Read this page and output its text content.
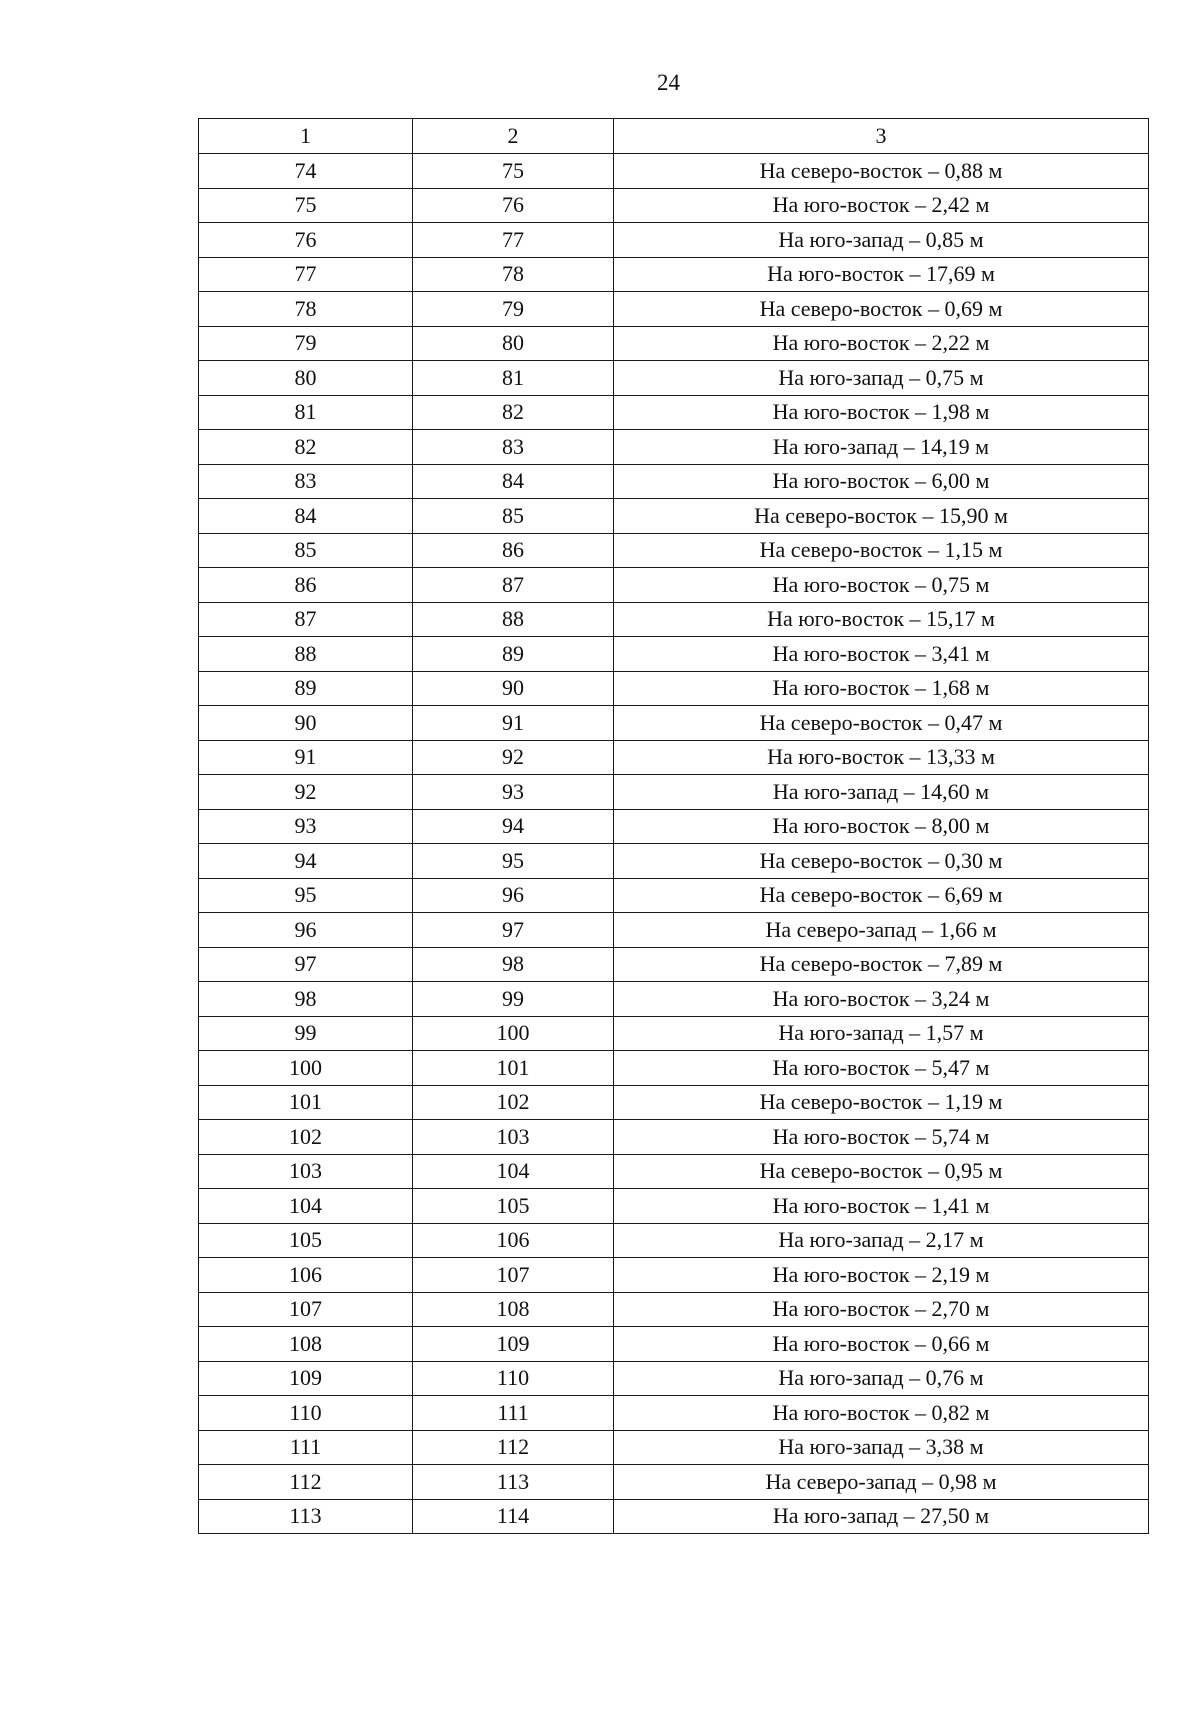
24
1	2	3
74	75	На северо-восток – 0,88 м
75	76	На юго-восток – 2,42 м
76	77	На юго-запад – 0,85 м
77	78	На юго-восток – 17,69 м
78	79	На северо-восток – 0,69 м
79	80	На юго-восток – 2,22 м
80	81	На юго-запад – 0,75 м
81	82	На юго-восток – 1,98 м
82	83	На юго-запад – 14,19 м
83	84	На юго-восток – 6,00 м
84	85	На северо-восток – 15,90 м
85	86	На северо-восток – 1,15 м
86	87	На юго-восток – 0,75 м
87	88	На юго-восток – 15,17 м
88	89	На юго-восток – 3,41 м
89	90	На юго-восток – 1,68 м
90	91	На северо-восток – 0,47 м
91	92	На юго-восток – 13,33 м
92	93	На юго-запад – 14,60 м
93	94	На юго-восток – 8,00 м
94	95	На северо-восток – 0,30 м
95	96	На северо-восток – 6,69 м
96	97	На северо-запад – 1,66 м
97	98	На северо-восток – 7,89 м
98	99	На юго-восток – 3,24 м
99	100	На юго-запад – 1,57 м
100	101	На юго-восток – 5,47 м
101	102	На северо-восток – 1,19 м
102	103	На юго-восток – 5,74 м
103	104	На северо-восток – 0,95 м
104	105	На юго-восток – 1,41 м
105	106	На юго-запад – 2,17 м
106	107	На юго-восток – 2,19 м
107	108	На юго-восток – 2,70 м
108	109	На юго-восток – 0,66 м
109	110	На юго-запад – 0,76 м
110	111	На юго-восток – 0,82 м
111	112	На юго-запад – 3,38 м
112	113	На северо-запад – 0,98 м
113	114	На юго-запад – 27,50 м
